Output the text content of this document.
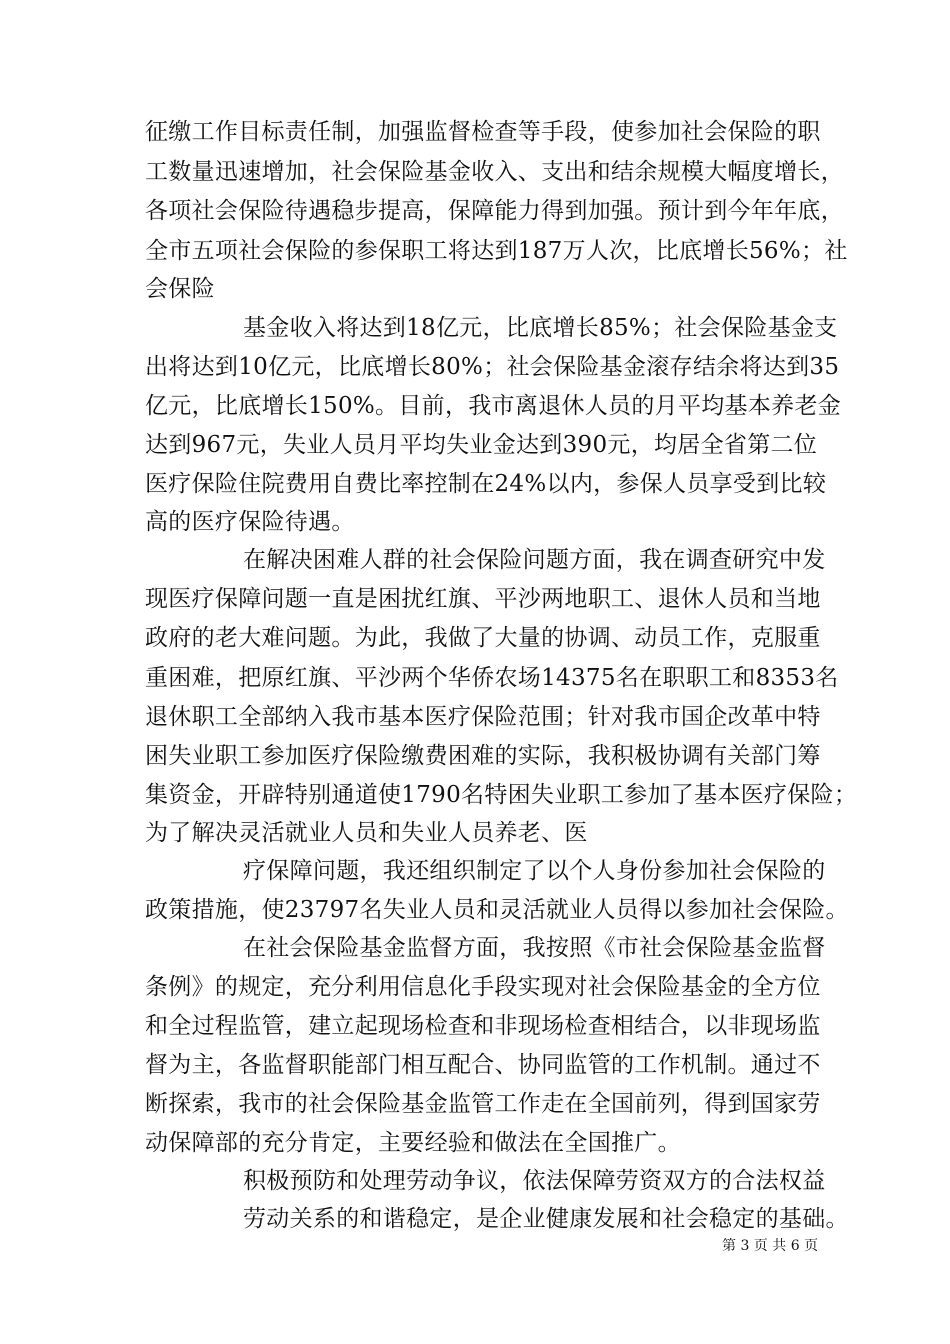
征缴工作目标责任制，加强监督检查等手段，使参加社会保险的职
工数量迅速增加，社会保险基金收入、支出和结余规模大幅度增长，
各项社会保险待遇稳步提高，保障能力得到加强。预计到今年年底，
全市五项社会保险的参保职工将达到187万人次，比底增长56%；社
会保险
基金收入将达到18亿元，比底增长85%；社会保险基金支
出将达到10亿元，比底增长80%；社会保险基金滚存结余将达到35
亿元，比底增长150%。目前，我市离退休人员的月平均基本养老金
达到967元，失业人员月平均失业金达到390元，均居全省第二位
医疗保险住院费用自费比率控制在24%以内，参保人员享受到比较
高的医疗保险待遇。
在解决困难人群的社会保险问题方面，我在调查研究中发
现医疗保障问题一直是困扰红旗、平沙两地职工、退休人员和当地
政府的老大难问题。为此，我做了大量的协调、动员工作，克服重
重困难，把原红旗、平沙两个华侨农场14375名在职职工和8353名
退休职工全部纳入我市基本医疗保险范围；针对我市国企改革中特
困失业职工参加医疗保险缴费困难的实际，我积极协调有关部门筹
集资金，开辟特别通道使1790名特困失业职工参加了基本医疗保险；
为了解决灵活就业人员和失业人员养老、医
疗保障问题，我还组织制定了以个人身份参加社会保险的
政策措施，使23797名失业人员和灵活就业人员得以参加社会保险。
在社会保险基金监督方面，我按照《市社会保险基金监督
条例》的规定，充分利用信息化手段实现对社会保险基金的全方位
和全过程监管，建立起现场检查和非现场检查相结合，以非现场监
督为主，各监督职能部门相互配合、协同监管的工作机制。通过不
断探索，我市的社会保险基金监管工作走在全国前列，得到国家劳
动保障部的充分肯定，主要经验和做法在全国推广。
积极预防和处理劳动争议，依法保障劳资双方的合法权益
劳动关系的和谐稳定，是企业健康发展和社会稳定的基础。
第 3 页 共 6 页
